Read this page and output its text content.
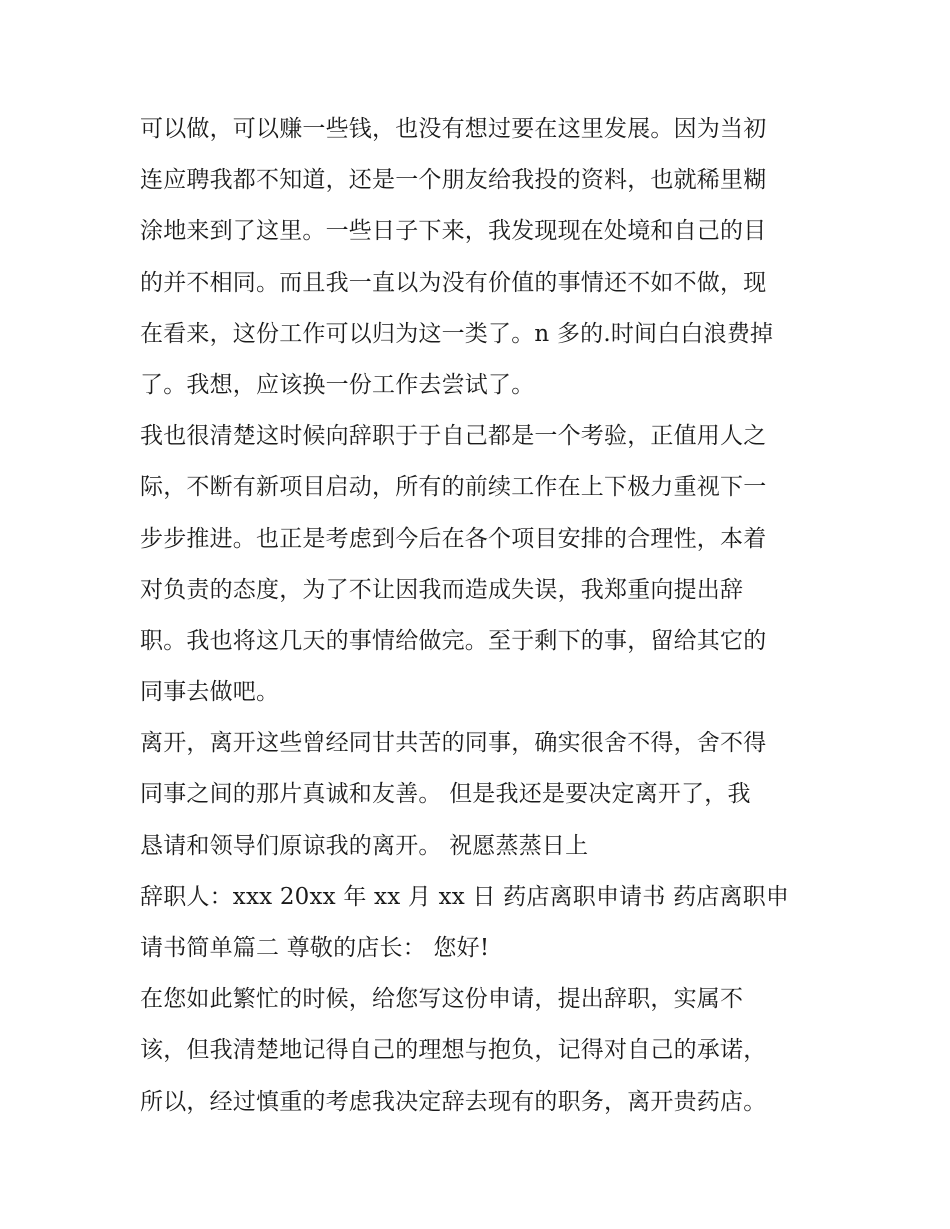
可以做，可以赚一些钱，也没有想过要在这里发展。因为当初
连应聘我都不知道，还是一个朋友给我投的资料，也就稀里糊
涂地来到了这里。一些日子下来，我发现现在处境和自己的目
的并不相同。而且我一直以为没有价值的事情还不如不做，现
在看来，这份工作可以归为这一类了。n 多的.时间白白浪费掉
了。我想，应该换一份工作去尝试了。
我也很清楚这时候向辞职于于自己都是一个考验，正值用人之
际，不断有新项目启动，所有的前续工作在上下极力重视下一
步步推进。也正是考虑到今后在各个项目安排的合理性，本着
对负责的态度，为了不让因我而造成失误，我郑重向提出辞
职。我也将这几天的事情给做完。至于剩下的事，留给其它的
同事去做吧。
离开，离开这些曾经同甘共苦的同事，确实很舍不得，舍不得
同事之间的那片真诚和友善。 但是我还是要决定离开了，我
恳请和领导们原谅我的离开。 祝愿蒸蒸日上
辞职人：xxx 20xx 年 xx 月 xx 日 药店离职申请书 药店离职申
请书简单篇二 尊敬的店长： 您好!
在您如此繁忙的时候，给您写这份申请，提出辞职，实属不
该，但我清楚地记得自己的理想与抱负，记得对自己的承诺，
所以，经过慎重的考虑我决定辞去现有的职务，离开贵药店。
